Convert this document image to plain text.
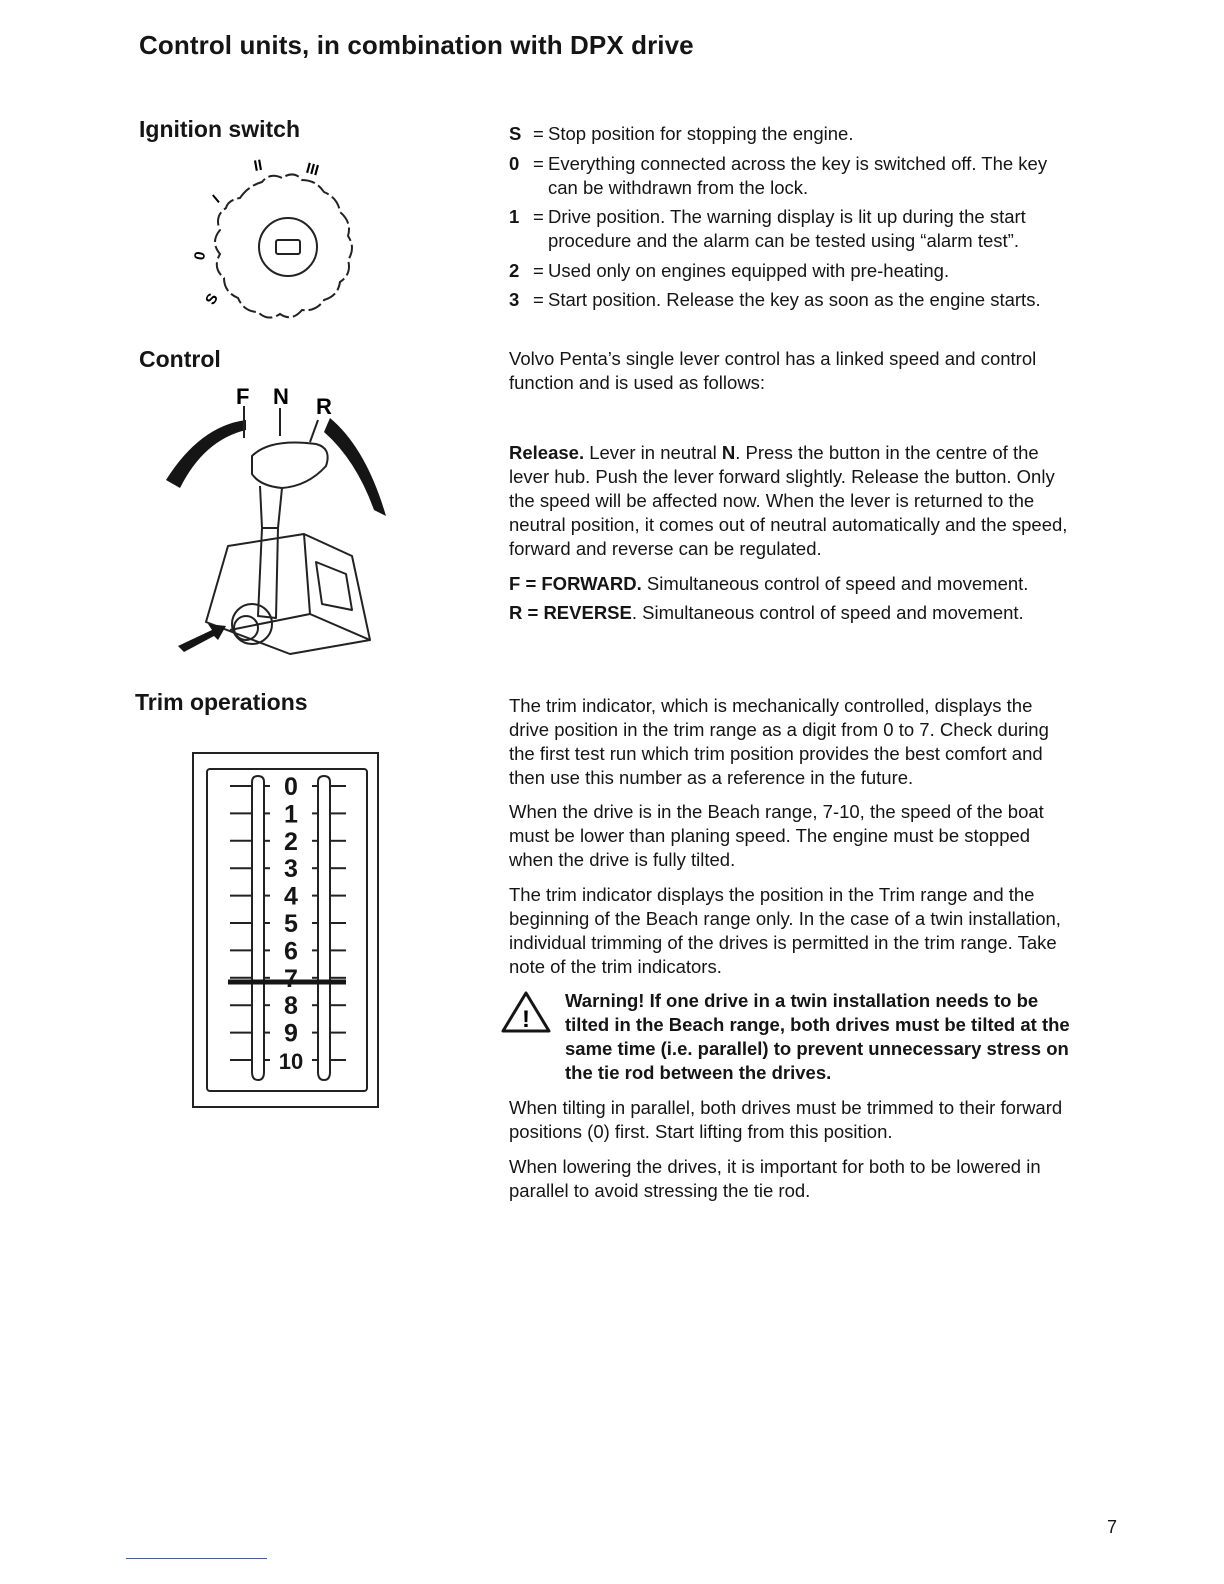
Control units, in combination with DPX drive
Ignition switch
Control
Trim operations
0
S
I
II	III
F N R
0
1
2
3
4
5
6
7
8
9
10
S = Stop position for stopping the engine.
0 = Everything connected across the key is switched off. The key can be withdrawn from the lock.
1 = Drive position. The warning display is lit up during the start procedure and the alarm can be tested using “alarm test”.
2 = Used only on engines equipped with pre-heating.
3 = Start position. Release the key as soon as the engine starts.

Volvo Penta’s single lever control has a linked speed and control function and is used as follows:

Release. Lever in neutral N. Press the button in the centre of the lever hub. Push the lever forward slightly. Release the button. Only the speed will be affected now. When the lever is returned to the neutral position, it comes out of neutral automatically and the speed, forward and reverse can be regulated.

F = FORWARD. Simultaneous control of speed and movement.

R = REVERSE. Simultaneous control of speed and movement.

The trim indicator, which is mechanically controlled, displays the drive position in the trim range as a digit from 0 to 7. Check during the first test run which trim position provides the best comfort and then use this number as a reference in the future.

When the drive is in the Beach range, 7-10, the speed of the boat must be lower than planing speed. The engine must be stopped when the drive is fully tilted.

The trim indicator displays the position in the Trim range and the beginning of the Beach range only. In the case of a twin installation, individual trimming of the drives is permitted in the trim range. Take note of the trim indicators.

!

Warning! If one drive in a twin installation needs to be tilted in the Beach range, both drives must be tilted at the same time (i.e. parallel) to prevent unnecessary stress on the tie rod between the drives.

When tilting in parallel, both drives must be trimmed to their forward positions (0) first. Start lifting from this position.

When lowering the drives, it is important for both to be lowered in parallel to avoid stressing the tie rod.

7
